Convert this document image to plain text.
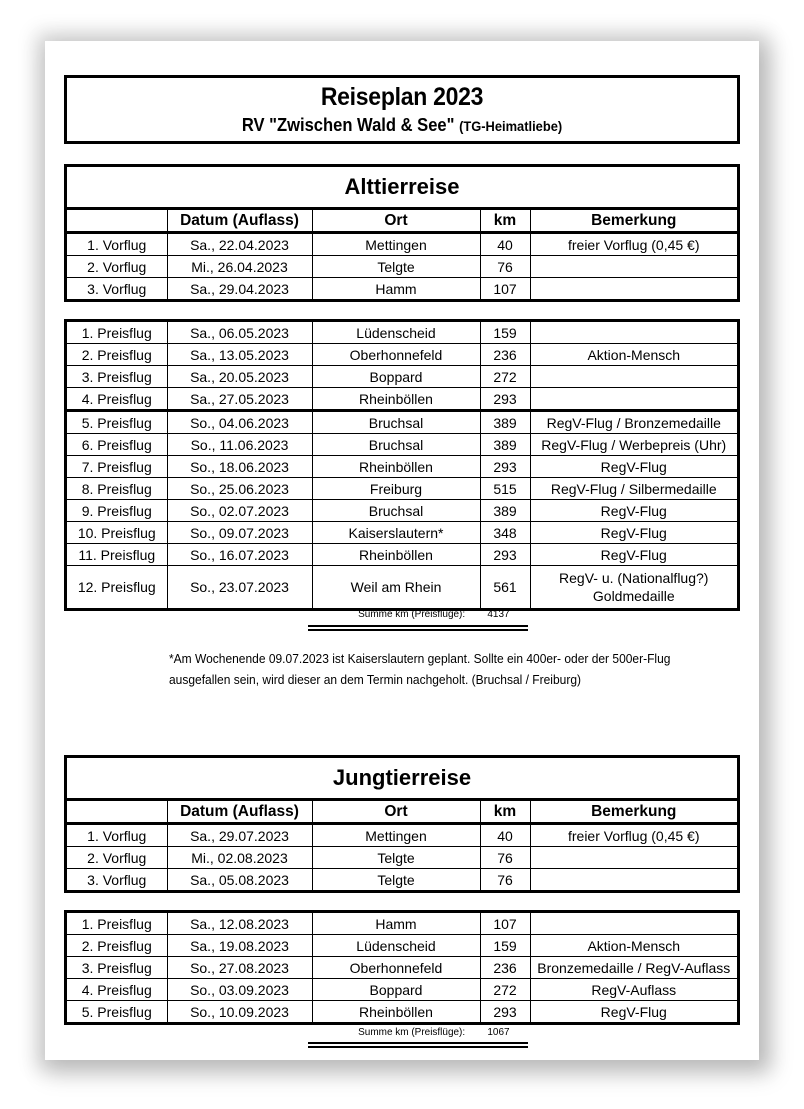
Reiseplan 2023
RV "Zwischen Wald & See" (TG-Heimatliebe)
Alttierreise
	Datum (Auflass)	Ort	km	Bemerkung
1. Vorflug	Sa., 22.04.2023	Mettingen	40	freier Vorflug (0,45 €)
2. Vorflug	Mi., 26.04.2023	Telgte	76	
3. Vorflug	Sa., 29.04.2023	Hamm	107	
1. Preisflug	Sa., 06.05.2023	Lüdenscheid	159	
2. Preisflug	Sa., 13.05.2023	Oberhonnefeld	236	Aktion-Mensch
3. Preisflug	Sa., 20.05.2023	Boppard	272	
4. Preisflug	Sa., 27.05.2023	Rheinböllen	293	
5. Preisflug	So., 04.06.2023	Bruchsal	389	RegV-Flug / Bronzemedaille
6. Preisflug	So., 11.06.2023	Bruchsal	389	RegV-Flug / Werbepreis (Uhr)
7. Preisflug	So., 18.06.2023	Rheinböllen	293	RegV-Flug
8. Preisflug	So., 25.06.2023	Freiburg	515	RegV-Flug / Silbermedaille
9. Preisflug	So., 02.07.2023	Bruchsal	389	RegV-Flug
10. Preisflug	So., 09.07.2023	Kaiserslautern*	348	RegV-Flug
11. Preisflug	So., 16.07.2023	Rheinböllen	293	RegV-Flug
12. Preisflug	So., 23.07.2023	Weil am Rhein	561	RegV- u. (Nationalflug?) Goldmedaille
Summe km (Preisflüge): 4137
*Am Wochenende 09.07.2023 ist Kaiserslautern geplant. Sollte ein 400er- oder der 500er-Flug ausgefallen sein, wird dieser an dem Termin nachgeholt. (Bruchsal / Freiburg)
Jungtierreise
	Datum (Auflass)	Ort	km	Bemerkung
1. Vorflug	Sa., 29.07.2023	Mettingen	40	freier Vorflug (0,45 €)
2. Vorflug	Mi., 02.08.2023	Telgte	76	
3. Vorflug	Sa., 05.08.2023	Telgte	76	
1. Preisflug	Sa., 12.08.2023	Hamm	107	
2. Preisflug	Sa., 19.08.2023	Lüdenscheid	159	Aktion-Mensch
3. Preisflug	So., 27.08.2023	Oberhonnefeld	236	Bronzemedaille / RegV-Auflass
4. Preisflug	So., 03.09.2023	Boppard	272	RegV-Auflass
5. Preisflug	So., 10.09.2023	Rheinböllen	293	RegV-Flug
Summe km (Preisflüge): 1067
